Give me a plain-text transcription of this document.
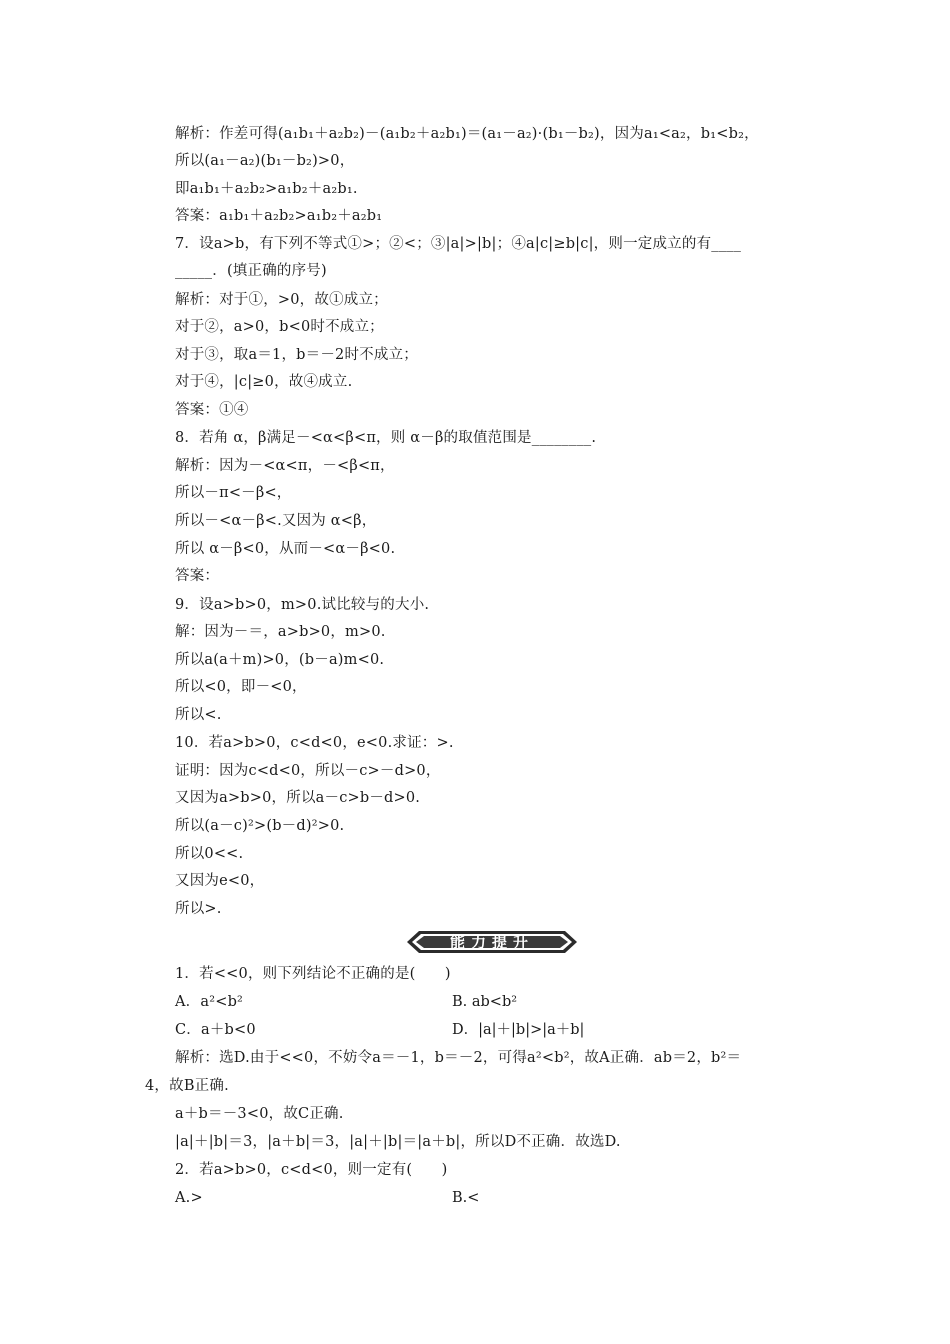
解析：作差可得(a₁b₁＋a₂b₂)－(a₁b₂＋a₂b₁)＝(a₁－a₂)·(b₁－b₂)，因为a₁<a₂，b₁<b₂，
所以(a₁－a₂)(b₁－b₂)>0，
即a₁b₁＋a₂b₂>a₁b₂＋a₂b₁.
答案：a₁b₁＋a₂b₂>a₁b₂＋a₂b₁
7．设a>b，有下列不等式①>；②<；③|a|>|b|；④a|c|≥b|c|，则一定成立的有____
_____．(填正确的序号)
解析：对于①，>0，故①成立；
对于②，a>0，b<0时不成立；
对于③，取a＝1，b＝－2时不成立；
对于④，|c|≥0，故④成立.
答案：①④
8．若角 α，β满足－<α<β<π，则 α－β的取值范围是________.
解析：因为－<α<π，－<β<π，
所以－π<－β<，
所以－<α－β<.又因为 α<β，
所以 α－β<0，从而－<α－β<0.
答案：
9．设a>b>0，m>0.试比较与的大小.
解：因为－＝，a>b>0，m>0.
所以a(a＋m)>0，(b－a)m<0.
所以<0，即－<0，
所以<.
10．若a>b>0，c<d<0，e<0.求证：>.
证明：因为c<d<0，所以－c>－d>0，
又因为a>b>0，所以a－c>b－d>0.
所以(a－c)²>(b－d)²>0.
所以0<<.
又因为e<0，
所以>.
能力提升
1．若<<0，则下列结论不正确的是(　　)
A．a²<b²	B. ab<b²
C．a＋b<0	D．|a|＋|b|>|a＋b|
解析：选D.由于<<0，不妨令a＝－1，b＝－2，可得a²<b²，故A正确．ab＝2，b²＝
4，故B正确.
a＋b＝－3<0，故C正确.
|a|＋|b|＝3，|a＋b|＝3，|a|＋|b|＝|a＋b|，所以D不正确．故选D.
2．若a>b>0，c<d<0，则一定有(　　)
A.>	B.<
